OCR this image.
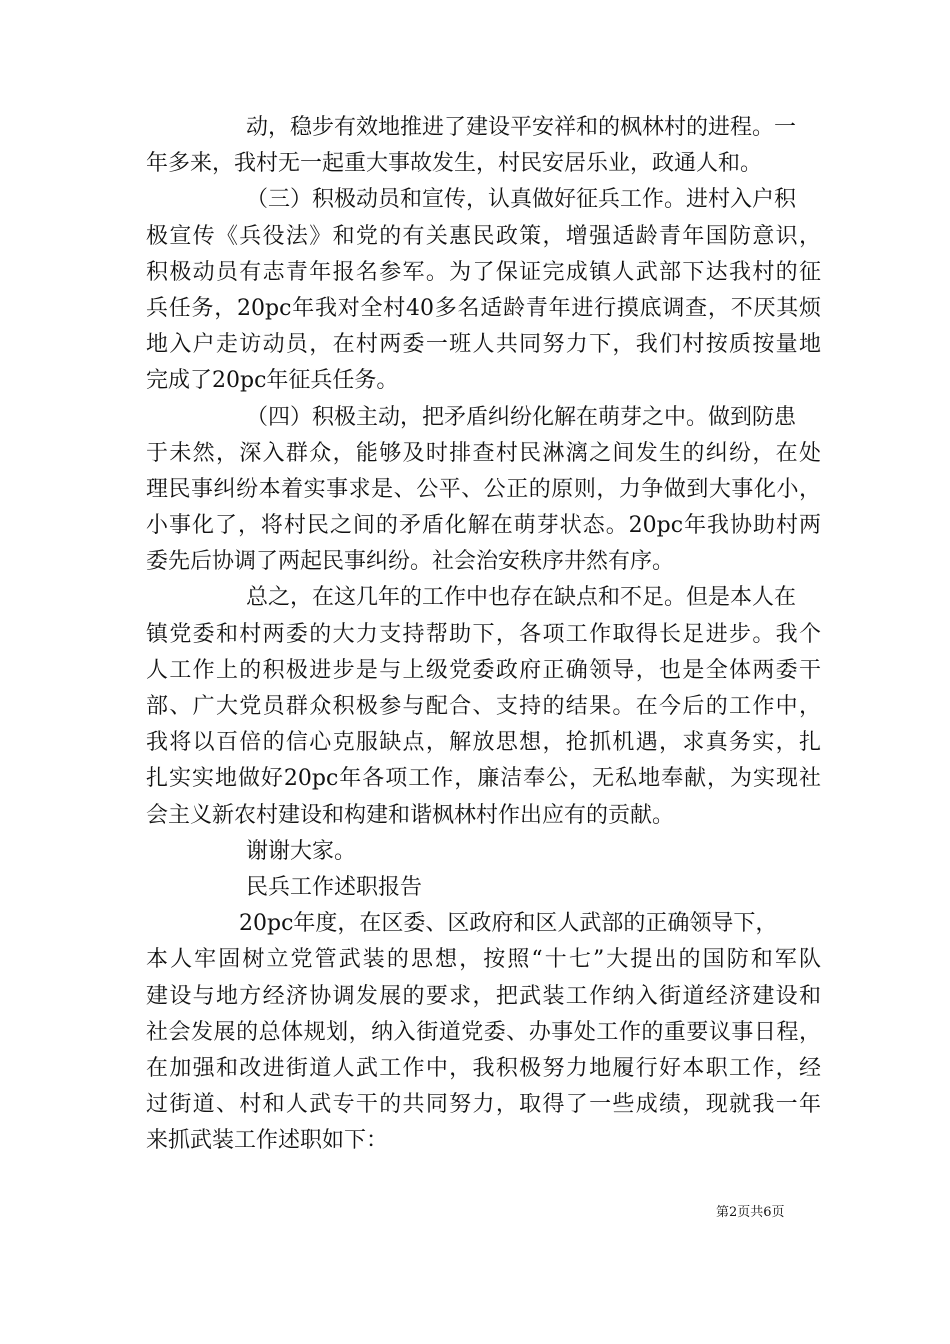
动，稳步有效地推进了建设平安祥和的枫林村的进程。一
年多来，我村无一起重大事故发生，村民安居乐业，政通人和。
（三）积极动员和宣传，认真做好征兵工作。进村入户积
极宣传《兵役法》和党的有关惠民政策，增强适龄青年国防意识，
积极动员有志青年报名参军。为了保证完成镇人武部下达我村的征
兵任务，20pc年我对全村40多名适龄青年进行摸底调查，不厌其烦
地入户走访动员，在村两委一班人共同努力下，我们村按质按量地
完成了20pc年征兵任务。
（四）积极主动，把矛盾纠纷化解在萌芽之中。做到防患
于未然，深入群众，能够及时排查村民淋漓之间发生的纠纷，在处
理民事纠纷本着实事求是、公平、公正的原则，力争做到大事化小，
小事化了，将村民之间的矛盾化解在萌芽状态。20pc年我协助村两
委先后协调了两起民事纠纷。社会治安秩序井然有序。
总之，在这几年的工作中也存在缺点和不足。但是本人在
镇党委和村两委的大力支持帮助下，各项工作取得长足进步。我个
人工作上的积极进步是与上级党委政府正确领导，也是全体两委干
部、广大党员群众积极参与配合、支持的结果。在今后的工作中，
我将以百倍的信心克服缺点，解放思想，抢抓机遇，求真务实，扎
扎实实地做好20pc年各项工作，廉洁奉公，无私地奉献，为实现社
会主义新农村建设和构建和谐枫林村作出应有的贡献。
谢谢大家。
民兵工作述职报告
20pc年度，在区委、区政府和区人武部的正确领导下，
本人牢固树立党管武装的思想，按照“十七”大提出的国防和军队
建设与地方经济协调发展的要求，把武装工作纳入街道经济建设和
社会发展的总体规划，纳入街道党委、办事处工作的重要议事日程，
在加强和改进街道人武工作中，我积极努力地履行好本职工作，经
过街道、村和人武专干的共同努力，取得了一些成绩，现就我一年
来抓武装工作述职如下：
第2页共6页
